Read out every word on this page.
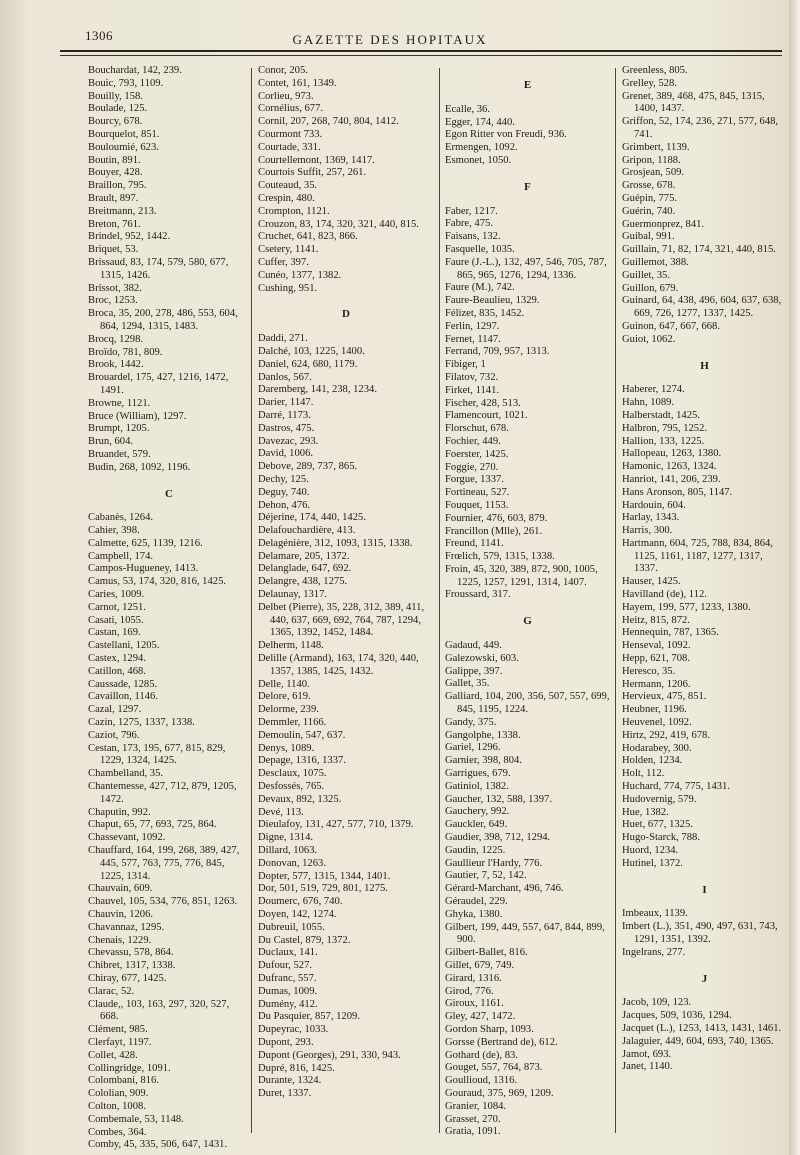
1306	GAZETTE DES HOPITAUX

Bouchardat, 142, 239.

Bouic, 793, 1109.

Bouilly, 158.

Boulade, 125.

Bourcy, 678.

Bourquelot, 851.

Bouloumié, 623.

Boutin, 891.

Bouyer, 428.

Braillon, 795.

Brault, 897.

Breitmann, 213.

Breton, 761.

Brindel, 952, 1442.

Briquet, 53.

Brissaud, 83, 174, 579, 580, 677, 1315, 1426.

Brissot, 382.

Broc, 1253.

Broca, 35, 200, 278, 486, 553, 604, 864, 1294, 1315, 1483.

Brocq, 1298.

Broïdo, 781, 809.

Brook, 1442.

Brouardel, 175, 427, 1216, 1472, 1491.

Browne, 1121.

Bruce (William), 1297.

Brumpt, 1205.

Brun, 604.

Bruandet, 579.

Budin, 268, 1092, 1196.

C

Cabanès, 1264.

Cahier, 398.

Calmette, 625, 1139, 1216.

Campbell, 174.

Campos-Hugueney, 1413.

Camus, 53, 174, 320, 816, 1425.

Caries, 1009.

Carnot, 1251.

Casati, 1055.

Castan, 169.

Castellani, 1205.

Castex, 1294.

Catillon, 468.

Caussade, 1285.

Cavaillon, 1146.

Cazal, 1297.

Cazin, 1275, 1337, 1338.

Caziot, 796.

Cestan, 173, 195, 677, 815, 829, 1229, 1324, 1425.

Chambelland, 35.

Chantemesse, 427, 712, 879, 1205, 1472.

Chaputin, 992.

Chaput, 65, 77, 693, 725, 864.

Chassevant, 1092.

Chauffard, 164, 199, 268, 389, 427, 445, 577, 763, 775, 776, 845, 1225, 1314.

Chauvain, 609.

Chauvel, 105, 534, 776, 851, 1263.

Chauvin, 1206.

Chavannaz, 1295.

Chenais, 1229.

Chevassu, 578, 864.

Chibret, 1317, 1338.

Chiray, 677, 1425.

Clarac, 52.

Claude,, 103, 163, 297, 320, 527, 668.

Clément, 985.

Clerfayt, 1197.

Collet, 428.

Collingridge, 1091.

Colombani, 816.

Cololian, 909.

Colton, 1008.

Combemale, 53, 1148.

Combes, 364.

Comby, 45, 335, 506, 647, 1431.

Conor, 205.

Contet, 161, 1349.

Corlieu, 973.

Cornélius, 677.

Cornil, 207, 268, 740, 804, 1412.

Courmont 733.

Courtade, 331.

Courtellemont, 1369, 1417.

Courtois Suffit, 257, 261.

Couteaud, 35.

Crespin, 480.

Crompton, 1121.

Crouzon, 83, 174, 320, 321, 440, 815.

Cruchet, 641, 823, 866.

Csetery, 1141.

Cuffer, 397.

Cunéo, 1377, 1382.

Cushing, 951.

D

Daddi, 271.

Dalché, 103, 1225, 1400.

Daniel, 624, 680, 1179.

Danlos, 567.

Daremberg, 141, 238, 1234.

Darier, 1147.

Darré, 1173.

Dastros, 475.

Davezac, 293.

David, 1006.

Debove, 289, 737, 865.

Dechy, 125.

Deguy, 740.

Dehon, 476.

Déjerine, 174, 440, 1425.

Delafouchardière, 413.

Delagénière, 312, 1093, 1315, 1338.

Delamare, 205, 1372.

Delanglade, 647, 692.

Delangre, 438, 1275.

Delaunay, 1317.

Delbet (Pierre), 35, 228, 312, 389, 411, 440, 637, 669, 692, 764, 787, 1294, 1365, 1392, 1452, 1484.

Delherm, 1148.

Delille (Armand), 163, 174, 320, 440, 1357, 1385, 1425, 1432.

Delle, 1140.

Delore, 619.

Delorme, 239.

Demmler, 1166.

Demoulin, 547, 637.

Denys, 1089.

Depage, 1316, 1337.

Desclaux, 1075.

Desfossés, 765.

Devaux, 892, 1325.

Devé, 113.

Dieulafoy, 131, 427, 577, 710, 1379.

Digne, 1314.

Dillard, 1063.

Donovan, 1263.

Dopter, 577, 1315, 1344, 1401.

Dor, 501, 519, 729, 801, 1275.

Doumerc, 676, 740.

Doyen, 142, 1274.

Dubreuil, 1055.

Du Castel, 879, 1372.

Duclaux, 141.

Dufour, 527.

Dufranc, 557.

Dumas, 1009.

Dumény, 412.

Du Pasquier, 857, 1209.

Dupeyrac, 1033.

Dupont, 293.

Dupont (Georges), 291, 330, 943.

Dupré, 816, 1425.

Durante, 1324.

Duret, 1337.

E

Ecalle, 36.

Egger, 174, 440.

Egon Ritter von Freudi, 936.

Ermengen, 1092.

Esmonet, 1050.

F

Faber, 1217.

Fabre, 475.

Faisans, 132.

Fasquelle, 1035.

Faure (J.-L.), 132, 497, 546, 705, 787, 865, 965, 1276, 1294, 1336.

Faure (M.), 742.

Faure-Beaulieu, 1329.

Félizet, 835, 1452.

Ferlin, 1297.

Fernet, 1147.

Ferrand, 709, 957, 1313.

Fibiger, 1

Filatov, 732.

Firket, 1141.

Fischer, 428, 513.

Flamencourt, 1021.

Florschut, 678.

Fochier, 449.

Foerster, 1425.

Foggie, 270.

Forgue, 1337.

Fortineau, 527.

Fouquet, 1153.

Fournier, 476, 603, 879.

Francillon (Mlle), 261.

Freund, 1141.

Frœlich, 579, 1315, 1338.

Froin, 45, 320, 389, 872, 900, 1005, 1225, 1257, 1291, 1314, 1407.

Froussard, 317.

G

Gadaud, 449.

Galezowski, 603.

Galippe, 397.

Gallet, 35.

Galliard, 104, 200, 356, 507, 557, 699, 845, 1195, 1224.

Gandy, 375.

Gangolphe, 1338.

Gariel, 1296.

Garnier, 398, 804.

Garrigues, 679.

Gatiniol, 1382.

Gaucher, 132, 588, 1397.

Gauchery, 992.

Gauckler, 649.

Gaudier, 398, 712, 1294.

Gaudin, 1225.

Gaullieur l'Hardy, 776.

Gautier, 7, 52, 142.

Gérard-Marchant, 496, 746.

Géraudel, 229.

Ghyka, 1380.

Gilbert, 199, 449, 557, 647, 844, 899, 900.

Gilbert-Ballet, 816.

Gillet, 679, 749.

Girard, 1316.

Girod, 776.

Giroux, 1161.

Gley, 427, 1472.

Gordon Sharp, 1093.

Gorsse (Bertrand de), 612.

Gothard (de), 83.

Gouget, 557, 764, 873.

Goullioud, 1316.

Gouraud, 375, 969, 1209.

Granier, 1084.

Grasset, 270.

Gratia, 1091.

Greenless, 805.

Grelley, 528.

Grenet, 389, 468, 475, 845, 1315, 1400, 1437.

Griffon, 52, 174, 236, 271, 577, 648, 741.

Grimbert, 1139.

Gripon, 1188.

Grosjean, 509.

Grosse, 678.

Guépin, 775.

Guérin, 740.

Guermonprez, 841.

Guibal, 991.

Guillain, 71, 82, 174, 321, 440, 815.

Guillemot, 388.

Guillet, 35.

Guillon, 679.

Guinard, 64, 438, 496, 604, 637, 638, 669, 726, 1277, 1337, 1425.

Guinon, 647, 667, 668.

Guiot, 1062.

H

Haberer, 1274.

Hahn, 1089.

Halberstadt, 1425.

Halbron, 795, 1252.

Hallion, 133, 1225.

Hallopeau, 1263, 1380.

Hamonic, 1263, 1324.

Hanriot, 141, 206, 239.

Hans Aronson, 805, 1147.

Hardouin, 604.

Harlay, 1343.

Harris, 300.

Hartmann, 604, 725, 788, 834, 864, 1125, 1161, 1187, 1277, 1317, 1337.

Hauser, 1425.

Havilland (de), 112.

Hayem, 199, 577, 1233, 1380.

Heitz, 815, 872.

Hennequin, 787, 1365.

Henseval, 1092.

Hepp, 621, 708.

Heresco, 35.

Hermann, 1206.

Hervieux, 475, 851.

Heubner, 1196.

Heuvenel, 1092.

Hirtz, 292, 419, 678.

Hodarabey, 300.

Holden, 1234.

Holt, 112.

Huchard, 774, 775, 1431.

Hudovernig, 579.

Hue, 1382.

Huet, 677, 1325.

Hugo-Starck, 788.

Huord, 1234.

Hutinel, 1372.

I

Imbeaux, 1139.

Imbert (L.), 351, 490, 497, 631, 743, 1291, 1351, 1392.

Ingelrans, 277.

J

Jacob, 109, 123.

Jacques, 509, 1036, 1294.

Jacquet (L.), 1253, 1413, 1431, 1461.

Jalaguier, 449, 604, 693, 740, 1365.

Jamot, 693.

Janet, 1140.
